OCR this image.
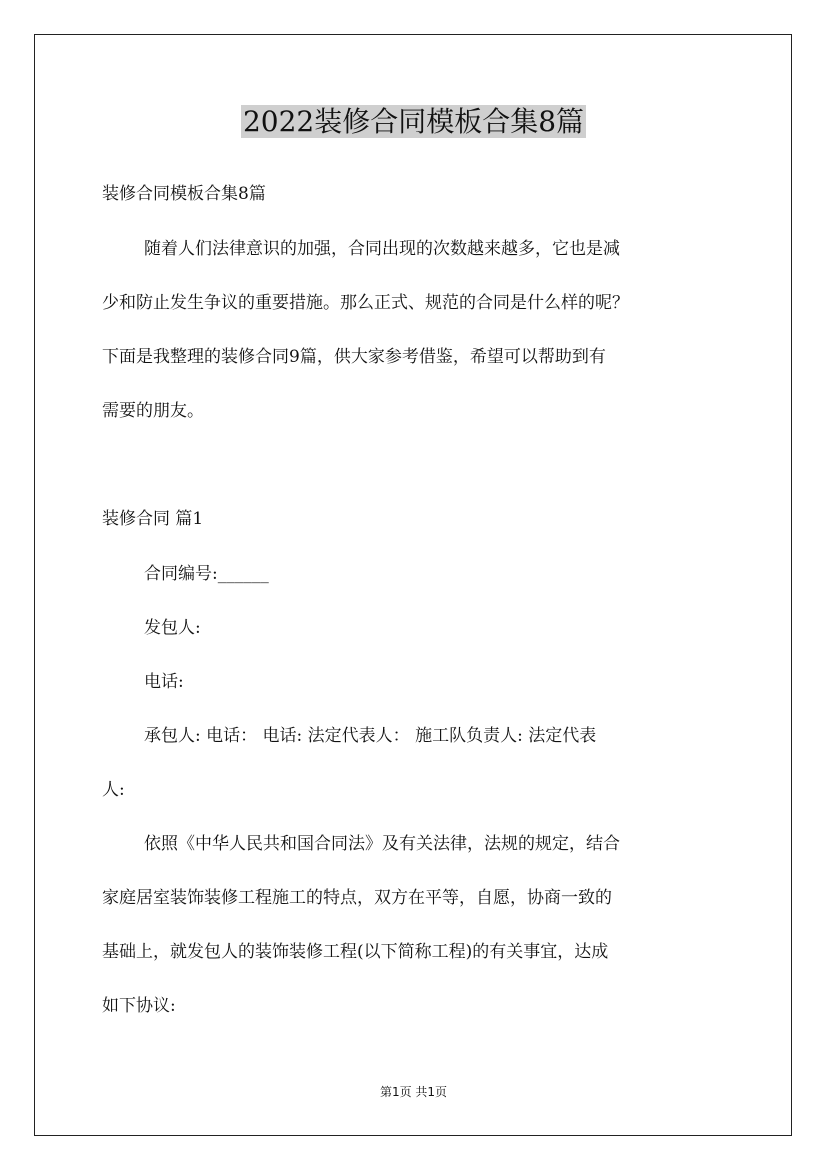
2022装修合同模板合集8篇
装修合同模板合集8篇
随着人们法律意识的加强，合同出现的次数越来越多，它也是减
少和防止发生争议的重要措施。那么正式、规范的合同是什么样的呢？
下面是我整理的装修合同9篇，供大家参考借鉴，希望可以帮助到有
需要的朋友。
装修合同 篇1
合同编号:______
发包人:
电话:
承包人: 电话： 电话: 法定代表人： 施工队负责人: 法定代表
人:
依照《中华人民共和国合同法》及有关法律，法规的规定，结合
家庭居室装饰装修工程施工的特点，双方在平等，自愿，协商一致的
基础上，就发包人的装饰装修工程(以下简称工程)的有关事宜，达成
如下协议:
第1页 共1页
